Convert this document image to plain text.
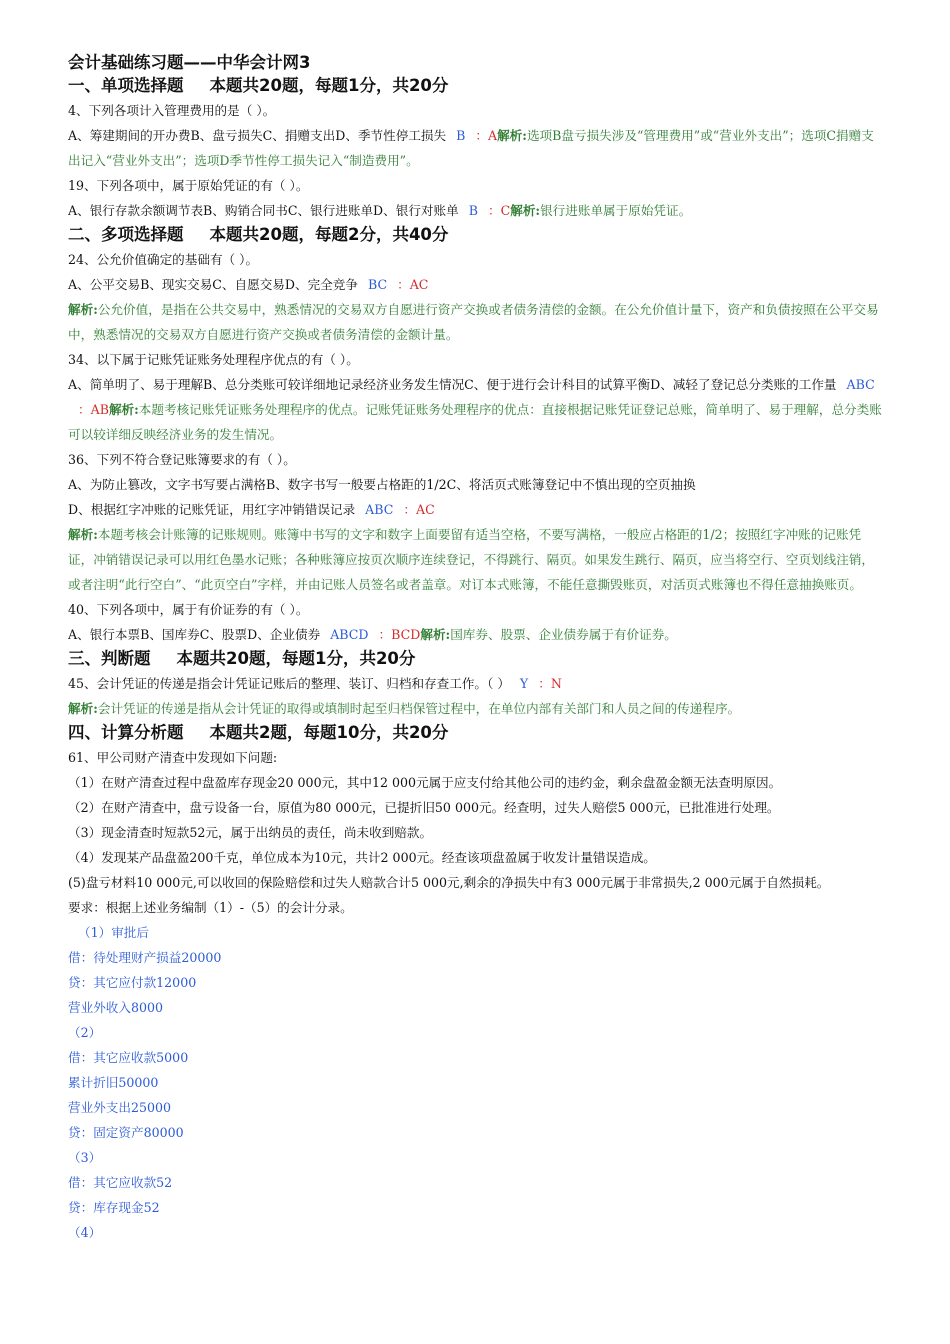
会计基础练习题——中华会计网3
一、单项选择题 本题共20题，每题1分，共20分

4、下列各项计入管理费用的是（ ）。

A、筹建期间的开办费B、盘亏损失C、捐赠支出D、季节性停工损失 B ：A解析:选项B盘亏损失涉及“管理费用”或“营业外支出”；选项C捐赠支出记入“营业外支出”；选项D季节性停工损失记入“制造费用”。

19、下列各项中，属于原始凭证的有（ ）。

A、银行存款余额调节表B、购销合同书C、银行进账单D、银行对账单 B ：C解析:银行进账单属于原始凭证。

二、多项选择题 本题共20题，每题2分，共40分

24、公允价值确定的基础有（ ）。

A、公平交易B、现实交易C、自愿交易D、完全竞争 BC ：AC

解析:公允价值，是指在公共交易中，熟悉情况的交易双方自愿进行资产交换或者债务清偿的金额。在公允价值计量下，资产和负债按照在公平交易中，熟悉情况的交易双方自愿进行资产交换或者债务清偿的金额计量。

34、以下属于记账凭证账务处理程序优点的有（ ）。

A、简单明了、易于理解B、总分类账可较详细地记录经济业务发生情况C、便于进行会计科目的试算平衡D、减轻了登记总分类账的工作量 ABC：AB解析:本题考核记账凭证账务处理程序的优点。记账凭证账务处理程序的优点：直接根据记账凭证登记总账，简单明了、易于理解，总分类账可以较详细反映经济业务的发生情况。

36、下列不符合登记账簿要求的有（ ）。

A、为防止篡改，文字书写要占满格B、数字书写一般要占格距的1/2C、将活页式账簿登记中不慎出现的空页抽换

D、根据红字冲账的记账凭证，用红字冲销错误记录 ABC ：AC

解析:本题考核会计账簿的记账规则。账簿中书写的文字和数字上面要留有适当空格，不要写满格，一般应占格距的1/2；按照红字冲账的记账凭证，冲销错误记录可以用红色墨水记账；各种账簿应按页次顺序连续登记，不得跳行、隔页。如果发生跳行、隔页，应当将空行、空页划线注销，或者注明“此行空白”、“此页空白”字样，并由记账人员签名或者盖章。对订本式账簿，不能任意撕毁账页，对活页式账簿也不得任意抽换账页。

40、下列各项中，属于有价证券的有（ ）。

A、银行本票B、国库券C、股票D、企业债券 ABCD ：BCD解析:国库券、股票、企业债券属于有价证券。

三、判断题 本题共20题，每题1分，共20分

45、会计凭证的传递是指会计凭证记账后的整理、装订、归档和存查工作。（ ） Y ：N

解析:会计凭证的传递是指从会计凭证的取得或填制时起至归档保管过程中，在单位内部有关部门和人员之间的传递程序。

四、计算分析题 本题共2题，每题10分，共20分

61、甲公司财产清查中发现如下问题:

（1）在财产清查过程中盘盈库存现金20 000元，其中12 000元属于应支付给其他公司的违约金，剩余盘盈金额无法查明原因。

（2）在财产清查中，盘亏设备一台，原值为80 000元，已提折旧50 000元。经查明，过失人赔偿5 000元，已批准进行处理。

（3）现金清查时短款52元，属于出纳员的责任，尚未收到赔款。

（4）发现某产品盘盈200千克，单位成本为10元，共计2 000元。经查该项盘盈属于收发计量错误造成。

(5)盘亏材料10 000元,可以收回的保险赔偿和过失人赔款合计5 000元,剩余的净损失中有3 000元属于非常损失,2 000元属于自然损耗。

要求：根据上述业务编制（1）-（5）的会计分录。

（1）审批后

借：待处理财产损益20000

贷：其它应付款12000

营业外收入8000

（2）

借：其它应收款5000

累计折旧50000

营业外支出25000

贷：固定资产80000

（3）

借：其它应收款52

贷：库存现金52

（4）
